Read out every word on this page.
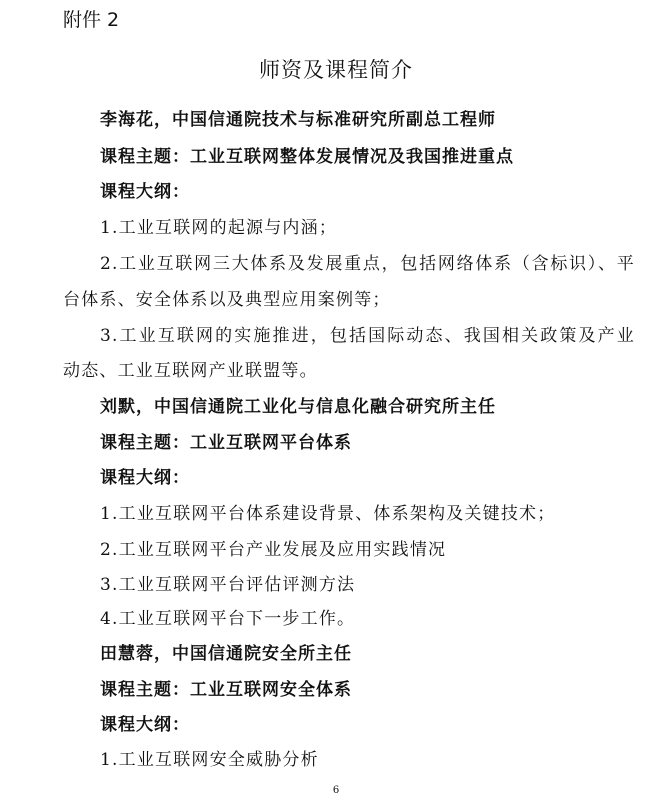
附件 2
师资及课程简介
李海花，中国信通院技术与标准研究所副总工程师
课程主题：工业互联网整体发展情况及我国推进重点
课程大纲：
1.工业互联网的起源与内涵；
2.工业互联网三大体系及发展重点，包括网络体系（含标识）、平
台体系、安全体系以及典型应用案例等；
3.工业互联网的实施推进，包括国际动态、我国相关政策及产业
动态、工业互联网产业联盟等。
刘默，中国信通院工业化与信息化融合研究所主任
课程主题：工业互联网平台体系
课程大纲：
1.工业互联网平台体系建设背景、体系架构及关键技术；
2.工业互联网平台产业发展及应用实践情况
3.工业互联网平台评估评测方法
4.工业互联网平台下一步工作。
田慧蓉，中国信通院安全所主任
课程主题：工业互联网安全体系
课程大纲：
1.工业互联网安全威胁分析
6
